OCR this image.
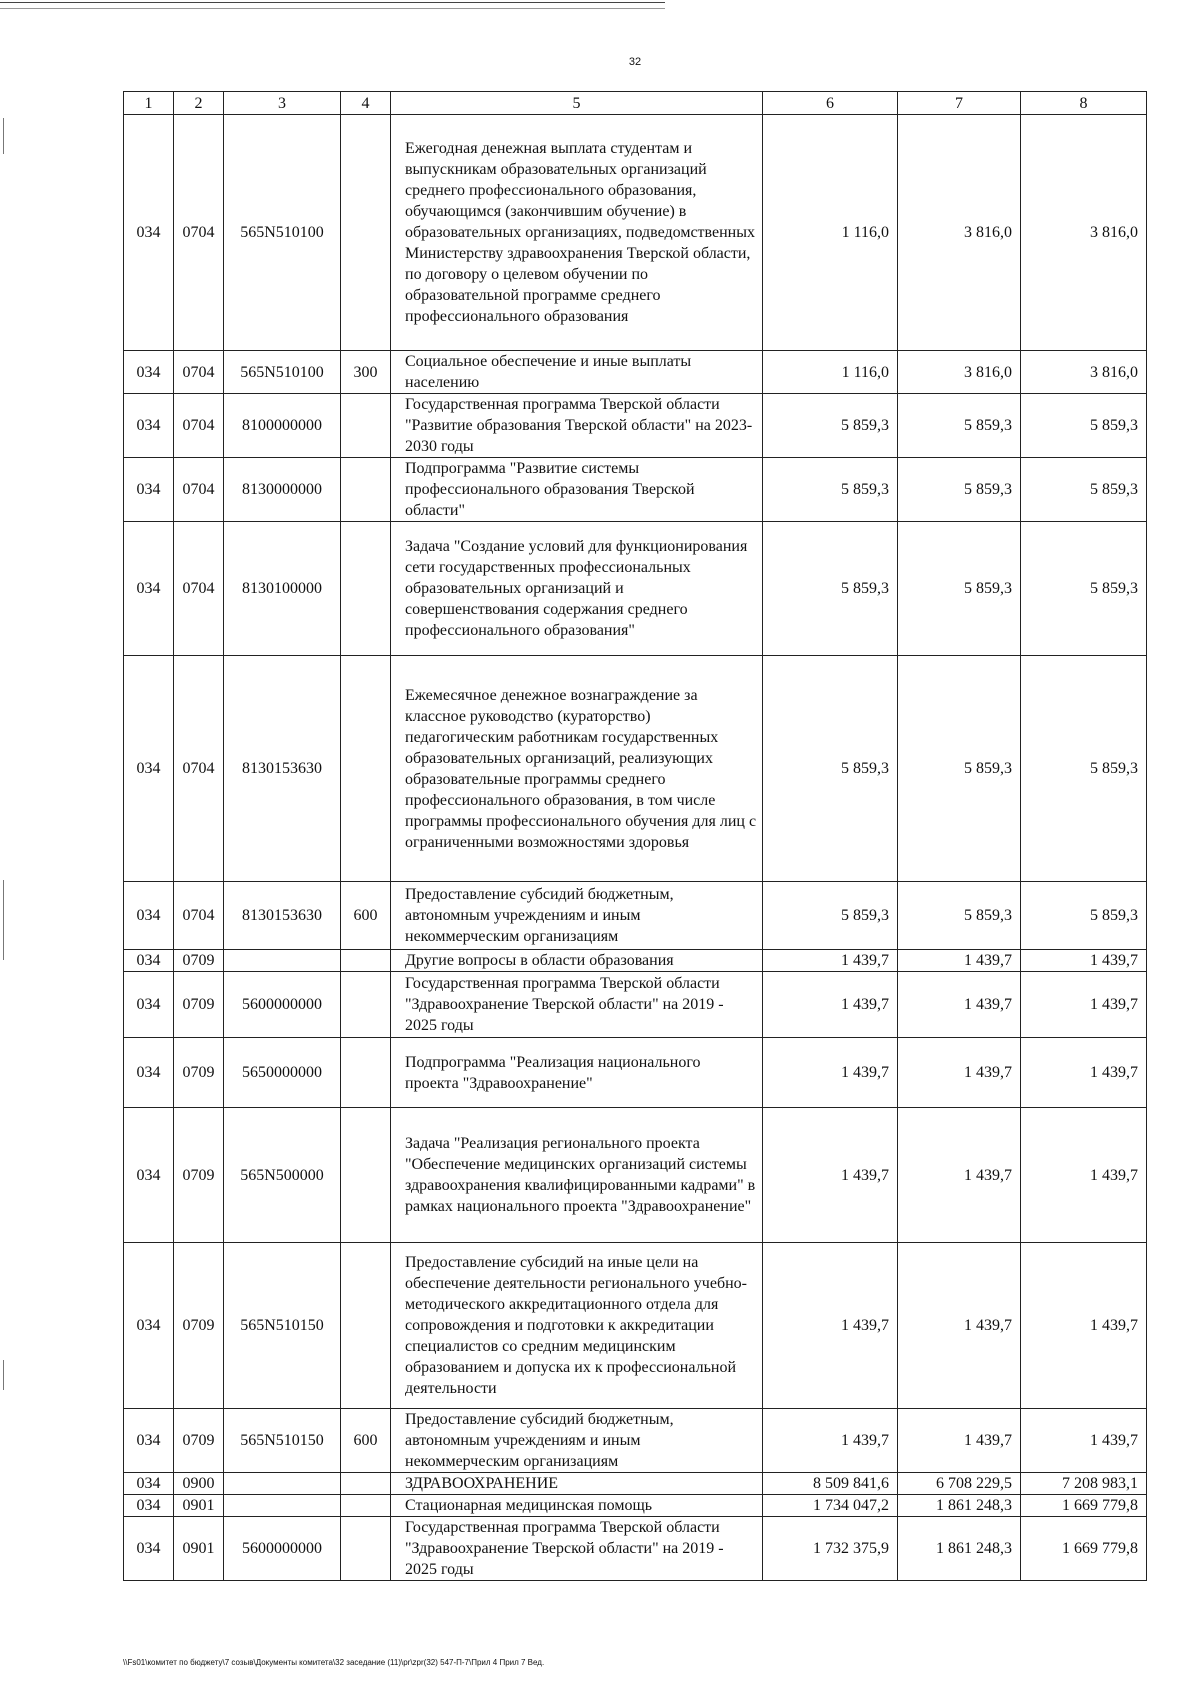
32
1	2	3	4	5	6	7	8
034	0704	565N510100		Ежегодная денежная выплата студентам и выпускникам образовательных организаций среднего профессионального образования, обучающимся (закончившим обучение) в образовательных организациях, подведомственных Министерству здравоохранения Тверской области, по договору о целевом обучении по образовательной программе среднего профессионального образования	1 116,0	3 816,0	3 816,0
034	0704	565N510100	300	Социальное обеспечение и иные выплаты населению	1 116,0	3 816,0	3 816,0
034	0704	8100000000		Государственная программа Тверской области "Развитие образования Тверской области" на 2023-2030 годы	5 859,3	5 859,3	5 859,3
034	0704	8130000000		Подпрограмма "Развитие системы профессионального образования Тверской области"	5 859,3	5 859,3	5 859,3
034	0704	8130100000		Задача "Создание условий для функционирования сети государственных профессиональных образовательных организаций и совершенствования содержания среднего профессионального образования"	5 859,3	5 859,3	5 859,3
034	0704	8130153630		Ежемесячное денежное вознаграждение за классное руководство (кураторство) педагогическим работникам государственных образовательных организаций, реализующих образовательные программы среднего профессионального образования, в том числе программы профессионального обучения для лиц с ограниченными возможностями здоровья	5 859,3	5 859,3	5 859,3
034	0704	8130153630	600	Предоставление субсидий бюджетным, автономным учреждениям и иным некоммерческим организациям	5 859,3	5 859,3	5 859,3
034	0709			Другие вопросы в области образования	1 439,7	1 439,7	1 439,7
034	0709	5600000000		Государственная программа Тверской области "Здравоохранение Тверской области" на 2019 - 2025 годы	1 439,7	1 439,7	1 439,7
034	0709	5650000000		Подпрограмма "Реализация национального проекта "Здравоохранение"	1 439,7	1 439,7	1 439,7
034	0709	565N500000		Задача "Реализация регионального проекта "Обеспечение медицинских организаций системы здравоохранения квалифицированными кадрами" в рамках национального проекта "Здравоохранение"	1 439,7	1 439,7	1 439,7
034	0709	565N510150		Предоставление субсидий на иные цели на обеспечение деятельности регионального учебно-методического аккредитационного отдела для сопровождения и подготовки к аккредитации специалистов со средним медицинским образованием и допуска их к профессиональной деятельности	1 439,7	1 439,7	1 439,7
034	0709	565N510150	600	Предоставление субсидий бюджетным, автономным учреждениям и иным некоммерческим организациям	1 439,7	1 439,7	1 439,7
034	0900			ЗДРАВООХРАНЕНИЕ	8 509 841,6	6 708 229,5	7 208 983,1
034	0901			Стационарная медицинская помощь	1 734 047,2	1 861 248,3	1 669 779,8
034	0901	5600000000		Государственная программа Тверской области "Здравоохранение Тверской области" на 2019 - 2025 годы	1 732 375,9	1 861 248,3	1 669 779,8
\\Fs01\комитет по бюджету\7 созыв\Документы комитета\32 заседание (11)\pr\zpr(32) 547-П-7\Прил 4 Прил 7 Вед.
